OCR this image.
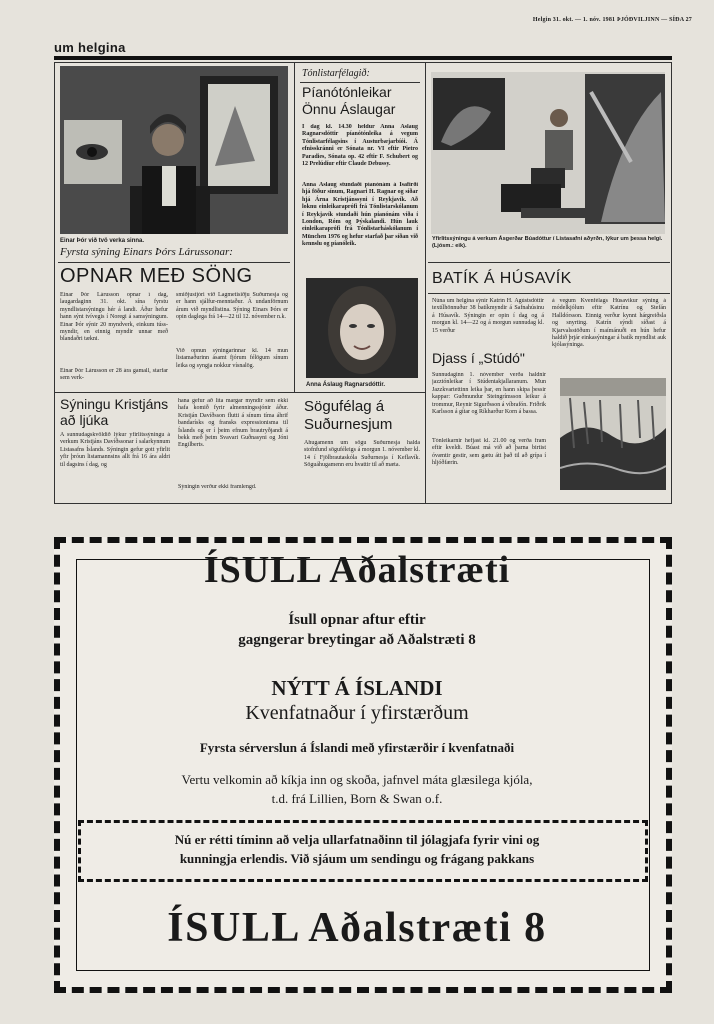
Helgin 31. okt. — 1. nóv. 1981 ÞJÓÐVILJINN — SÍÐA 27
um helgina
Einar Þór við tvö verka sinna.
Fyrsta sýning Einars Þórs Lárussonar:
OPNAR MEÐ SÖNG
Einar Þór Lárusson opnar í dag, laugardaginn 31. okt. sína fyrstu myndlistarsýningu hér á landi. Áður hefur hann sýnt tvívegis í Noregi á samsýningum. Einar Þór sýnir 20 myndverk, einkum túss-myndir, en einnig myndir unnar með blandaðri tækni.
Einar Þór Lárusson er 28 ára gamall, starfar sem verk-
smiðjustjóri við Lagmetisiðju Suðurnesja og er hann sjálfur-menntaður. Á undanförnum árum við myndlistina. Sýning Einars Þórs er opin daglega frá 14—22 til 12. nóvember n.k.
Við opnun sýningarinnar kl. 14 mun listamaðurinn ásamt fjórum félögum sínum leika og syngja nokkur vísnalög.
Sýningu Kristjáns að ljúka
A sunnudagskvöldið lýkur yfirlitssýningu á verkum Kristjáns Davíðssonar í salarkynnum Listasafns Íslands. Sýningin gefur gott yfirlit yfir þróun listamannsins allt frá 16 ára aldri til dagsins í dag, og
hana gefur að líta margar myndir sem ekki hafa komið fyrir almenningssjónir áður. Kristján Davíðsson flutti á sínum tíma áhrif bandarísks og fransks expressionisma til Íslands og er í þeim efnum brautryðjandi á bekk með þeim Svavari Guðnasyni og Jóni Engilberts.
Sýningin verður ekki framlengd.
Tónlistarfélagið:
Píanótónleikar Önnu Áslaugar
Í dag kl. 14.30 heldur Anna Áslaug Ragnarsdóttir píanótónleika á vegum Tónlistarfélagsins í Austurbæjarbíói. Á efnisskránni er Sónata nr. VI eftir Pietro Paradies, Sónata op. 42 eftir F. Schubert og 12 Prelúdíur eftir Claude Debussy.
Anna Áslaug stundaði píanónám á Ísafirði hjá föður sínum, Ragnari H. Ragnar og síðar hjá Árna Kristjánssyni í Reykjavík. Að loknu einleikaraprófi frá Tónlistarskólanum í Reykjavík stundaði hún píanónám víða í London, Róm og Þýskalandi. Hún lauk einleikaraprófi frá Tónlistarháskólanum í München 1976 og hefur starfað þar síðan við kennslu og píanóleik.
Anna Áslaug Ragnarsdóttir.
Sögufélag á Suðurnesjum
Áhugamenn um sögu Suðurnesja halda stofnfund söguféleigs á morgun 1. nóvember kl. 14 í Fjölbrautaskóla Suðurnesja í Keflavík. Söguáhugamenn eru hvattir til að mæta.
Yfirlitssýningu á verkum Ásgerðar Búadóttur í Listasafni aðyrðn, lýkur um þessa helgi. (Ljósm.: eik).
BATÍK Á HÚSAVÍK
Núna um helgina sýnir Katrín H. Ágústsdóttir textílhönnuður 38 batíkmyndir á Safnahúsinu á Húsavík. Sýningin er opin í dag og á morgun kl. 14—22 og á morgun sunnudag kl. 15 verður
á vegum Kvenfélags Húsavíkur sýning á módelkjólum eftir Katrínu og Stefán Halldórsson. Einnig verður kynnt hárgreiðsla og snyrting. Katrín sýndi síðast á Kjarvalsstöðum í maímánuði en hún hefur haldið þrjár einkasýningar á batík myndlist auk kjólasýninga.
Djass í „Stúdó"
Sunnudaginn 1. nóvember verða haldnir jazztónleikar í Stúdentakjallaranum. Mun Jazzkvartettinn leika þar, en hann skipa þessir kappar: Guðmundur Steingrímsson leikur á trommur, Reynir Sigurðsson á víbrafón. Friðrik Karlsson á gítar og Ríkharður Korn á bassa.
Tónleikarnir hefjast kl. 21.00 og verða fram eftir kveldi. Búast má við að þarna birtist óvæntir gestir, sem gætu átt það til að grípa í hljóðfærin.
ÍSULL Aðalstræti
Ísull opnar aftur eftir
gagngerar breytingar að Aðalstræti 8
NÝTT Á ÍSLANDI
Kvenfatnaður í yfirstærðum
Fyrsta sérverslun á Íslandi með yfirstærðir í kvenfatnaði
Vertu velkomin að kíkja inn og skoða, jafnvel máta glæsilega kjóla,
t.d. frá Lillien, Born & Swan o.f.
Nú er rétti tíminn að velja ullarfatnaðinn til jólagjafa fyrir vini og
kunningja erlendis. Við sjáum um sendingu og frágang pakkans
ÍSULL Aðalstræti 8
